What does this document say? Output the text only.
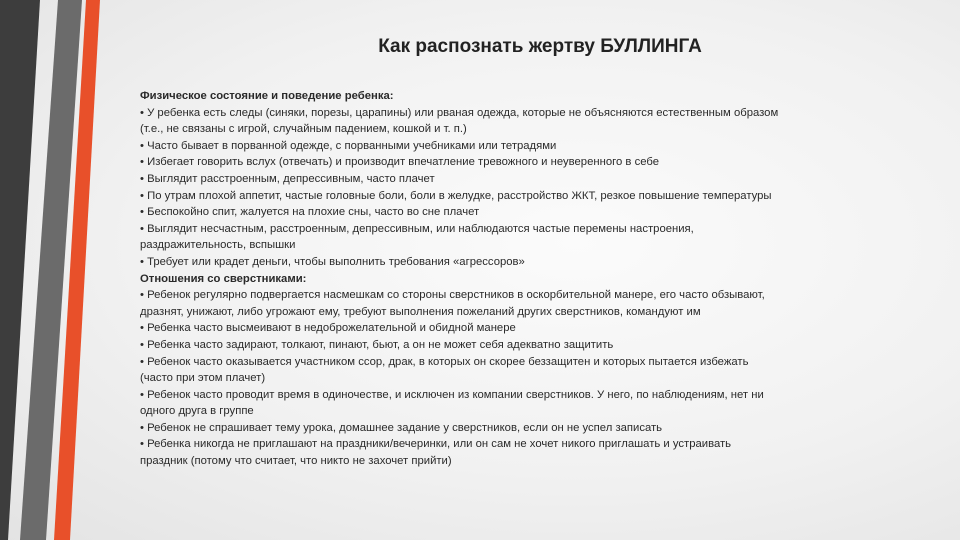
Как распознать жертву БУЛЛИНГА

Физическое состояние и поведение ребенка:

• У ребенка есть следы (синяки, порезы, царапины) или рваная одежда, которые не объясняются естественным образом

(т.е., не связаны с игрой, случайным падением, кошкой и т. п.)

• Часто бывает в порванной одежде, с порванными учебниками или тетрадями

• Избегает говорить вслух (отвечать) и производит впечатление тревожного и неуверенного в себе

• Выглядит расстроенным, депрессивным, часто плачет

• По утрам плохой аппетит, частые головные боли, боли в желудке, расстройство ЖКТ, резкое повышение температуры

• Беспокойно спит, жалуется на плохие сны, часто во сне плачет

• Выглядит несчастным, расстроенным, депрессивным, или наблюдаются частые перемены настроения,

раздражительность, вспышки

• Требует или крадет деньги, чтобы выполнить требования «агрессоров»

Отношения со сверстниками:

• Ребенок регулярно подвергается насмешкам со стороны сверстников в оскорбительной манере, его часто обзывают,

дразнят, унижают, либо угрожают ему, требуют выполнения пожеланий других сверстников, командуют им

• Ребенка часто высмеивают в недоброжелательной и обидной манере

• Ребенка часто задирают, толкают, пинают, бьют, а он не может себя адекватно защитить

• Ребенок часто оказывается участником ссор, драк, в которых он скорее беззащитен и которых пытается избежать

(часто при этом плачет)

• Ребенок часто проводит время в одиночестве, и исключен из компании сверстников. У него, по наблюдениям, нет ни

одного друга в группе

• Ребенок не спрашивает тему урока, домашнее задание у сверстников, если он не успел записать

• Ребенка никогда не приглашают на праздники/вечеринки, или он сам не хочет никого приглашать и устраивать

праздник (потому что считает, что никто не захочет прийти)
